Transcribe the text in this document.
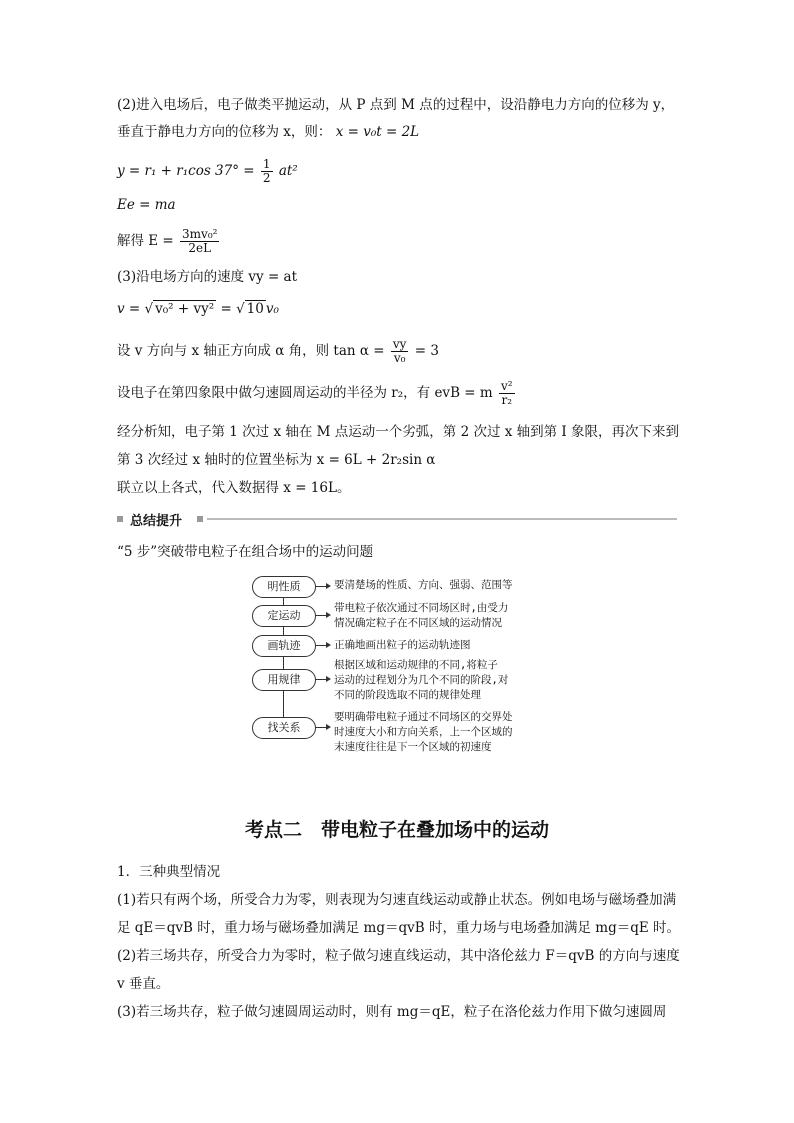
(2)进入电场后，电子做类平抛运动，从 P 点到 M 点的过程中，设沿静电力方向的位移为 y，
垂直于静电力方向的位移为 x，则： x = v₀t = 2L
y = r₁ + r₁cos $37^\circ = \frac{1}{2} at^2$
Ee = ma
解得 $E = \frac{\text{3mv₀²}}{2eL}$
(3)沿电场方向的速度 vy = at
v = √ v₀² + vy² = √ 10 v₀
设 v 方向与 x 轴正方向成 α 角，则 $\tan \alpha = \frac{vy}{\text{v₀}} = 3$
设电子在第四象限中做匀速圆周运动的半径为 r₂，有 evB = m $\frac{\text{v²}}{\text{r₂}}$
经分析知，电子第 1 次过 x 轴在 M 点运动一个劣弧，第 2 次过 x 轴到第 Ⅰ 象限，再次下来到
第 3 次经过 x 轴时的位置坐标为 x = 6L + 2r₂sin α
联立以上各式，代入数据得 x = 16L。
总结提升
“5 步”突破带电粒子在组合场中的运动问题
明性质	要清楚场的性质、方向、强弱、范围等
定运动
带电粒子依次通过不同场区时,由受力
情况确定粒子在不同区域的运动情况
画轨迹	正确地画出粒子的运动轨迹图
用规律
根据区域和运动规律的不同,将粒子
运动的过程划分为几个不同的阶段,对
不同的阶段选取不同的规律处理
找关系
要明确带电粒子通过不同场区的交界处
时速度大小和方向关系，上一个区域的
末速度往往是下一个区域的初速度
考点二　带电粒子在叠加场中的运动
1．三种典型情况
(1)若只有两个场，所受合力为零，则表现为匀速直线运动或静止状态。例如电场与磁场叠加满足 qE＝qvB 时，重力场与磁场叠加满足 mg＝qvB 时，重力场与电场叠加满足 mg＝qE 时。
(2)若三场共存，所受合力为零时，粒子做匀速直线运动，其中洛伦兹力 F＝qvB 的方向与速度 v 垂直。
(3)若三场共存，粒子做匀速圆周运动时，则有 mg＝qE，粒子在洛伦兹力作用下做匀速圆周
